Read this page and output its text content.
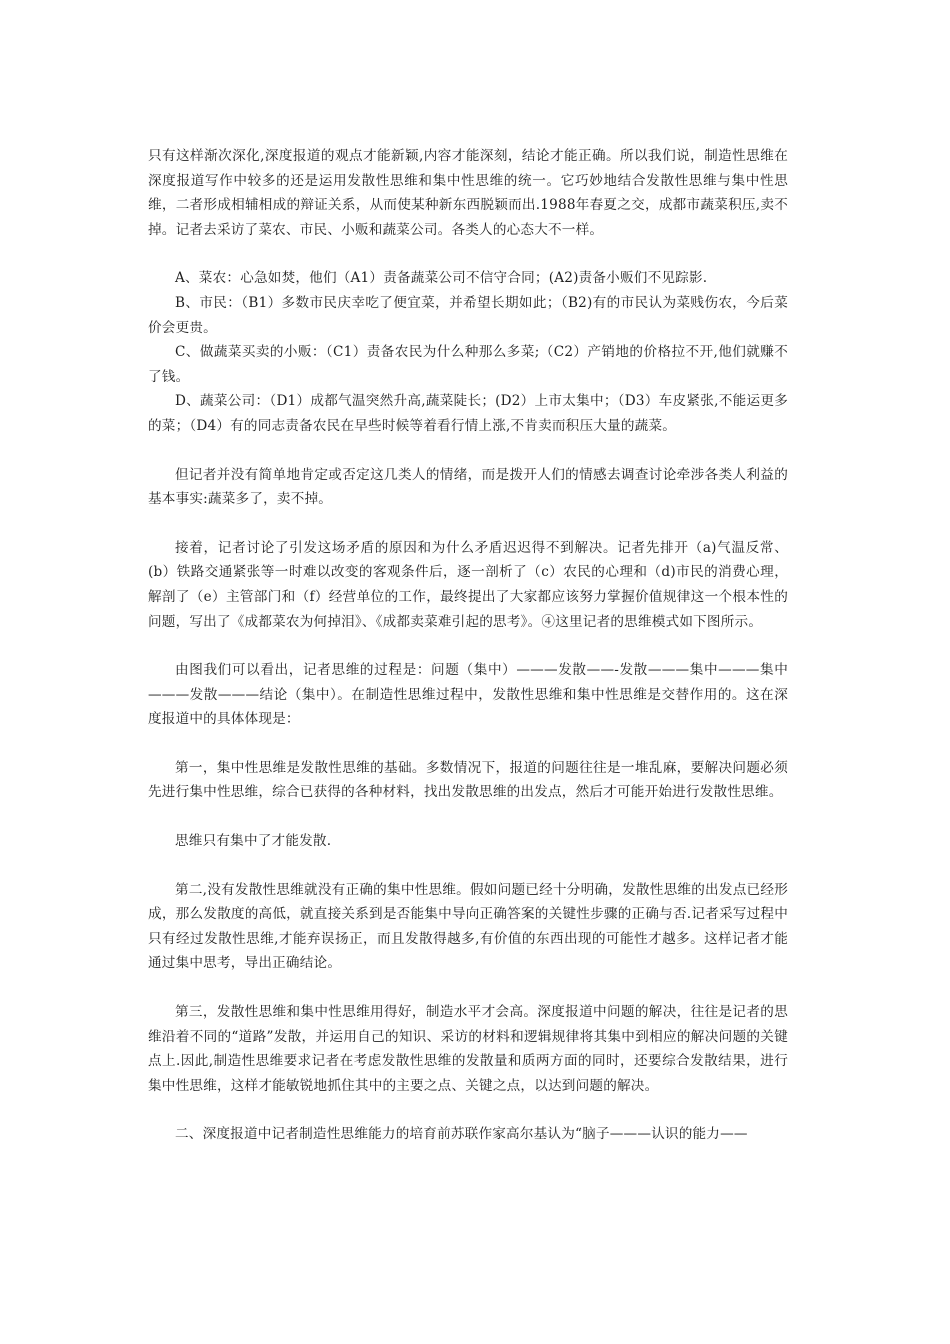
只有这样渐次深化,深度报道的观点才能新颖,内容才能深刻，结论才能正确。所以我们说，制造性思维在深度报道写作中较多的还是运用发散性思维和集中性思维的统一。它巧妙地结合发散性思维与集中性思维，二者形成相辅相成的辩证关系，从而使某种新东西脱颖而出.1988年春夏之交，成都市蔬菜积压,卖不掉。记者去采访了菜农、市民、小贩和蔬菜公司。各类人的心态大不一样。

A、菜农：心急如焚，他们（A1）责备蔬菜公司不信守合同；(A2)责备小贩们不见踪影.

B、市民：（B1）多数市民庆幸吃了便宜菜，并希望长期如此；（B2)有的市民认为菜贱伤农，今后菜价会更贵。

C、做蔬菜买卖的小贩：（C1）责备农民为什么种那么多菜;（C2）产销地的价格拉不开,他们就赚不了钱。

D、蔬菜公司：（D1）成都气温突然升高,蔬菜陡长；(D2）上市太集中；（D3）车皮紧张,不能运更多的菜；（D4）有的同志责备农民在早些时候等着看行情上涨,不肯卖而积压大量的蔬菜。

但记者并没有简单地肯定或否定这几类人的情绪，而是拨开人们的情感去调查讨论牵涉各类人利益的基本事实:蔬菜多了，卖不掉。

接着，记者讨论了引发这场矛盾的原因和为什么矛盾迟迟得不到解决。记者先排开（a)气温反常、(b）铁路交通紧张等一时难以改变的客观条件后，逐一剖析了（c）农民的心理和（d)市民的消费心理，解剖了（e）主管部门和（f）经营单位的工作，最终提出了大家都应该努力掌握价值规律这一个根本性的问题，写出了《成都菜农为何掉泪》、《成都卖菜难引起的思考》。④这里记者的思维模式如下图所示。

由图我们可以看出，记者思维的过程是：问题（集中）———发散——-发散———集中———集中———发散———结论（集中）。在制造性思维过程中，发散性思维和集中性思维是交替作用的。这在深度报道中的具体体现是：

第一，集中性思维是发散性思维的基础。多数情况下，报道的问题往往是一堆乱麻，要解决问题必须先进行集中性思维，综合已获得的各种材料，找出发散思维的出发点，然后才可能开始进行发散性思维。

思维只有集中了才能发散.

第二,没有发散性思维就没有正确的集中性思维。假如问题已经十分明确，发散性思维的出发点已经形成，那么发散度的高低，就直接关系到是否能集中导向正确答案的关键性步骤的正确与否.记者采写过程中只有经过发散性思维,才能弃误扬正，而且发散得越多,有价值的东西出现的可能性才越多。这样记者才能通过集中思考，导出正确结论。

第三，发散性思维和集中性思维用得好，制造水平才会高。深度报道中问题的解决，往往是记者的思维沿着不同的“道路”发散，并运用自己的知识、采访的材料和逻辑规律将其集中到相应的解决问题的关键点上.因此,制造性思维要求记者在考虑发散性思维的发散量和质两方面的同时，还要综合发散结果，进行集中性思维，这样才能敏锐地抓住其中的主要之点、关键之点，以达到问题的解决。

二、深度报道中记者制造性思维能力的培育前苏联作家高尔基认为“脑子———认识的能力——
